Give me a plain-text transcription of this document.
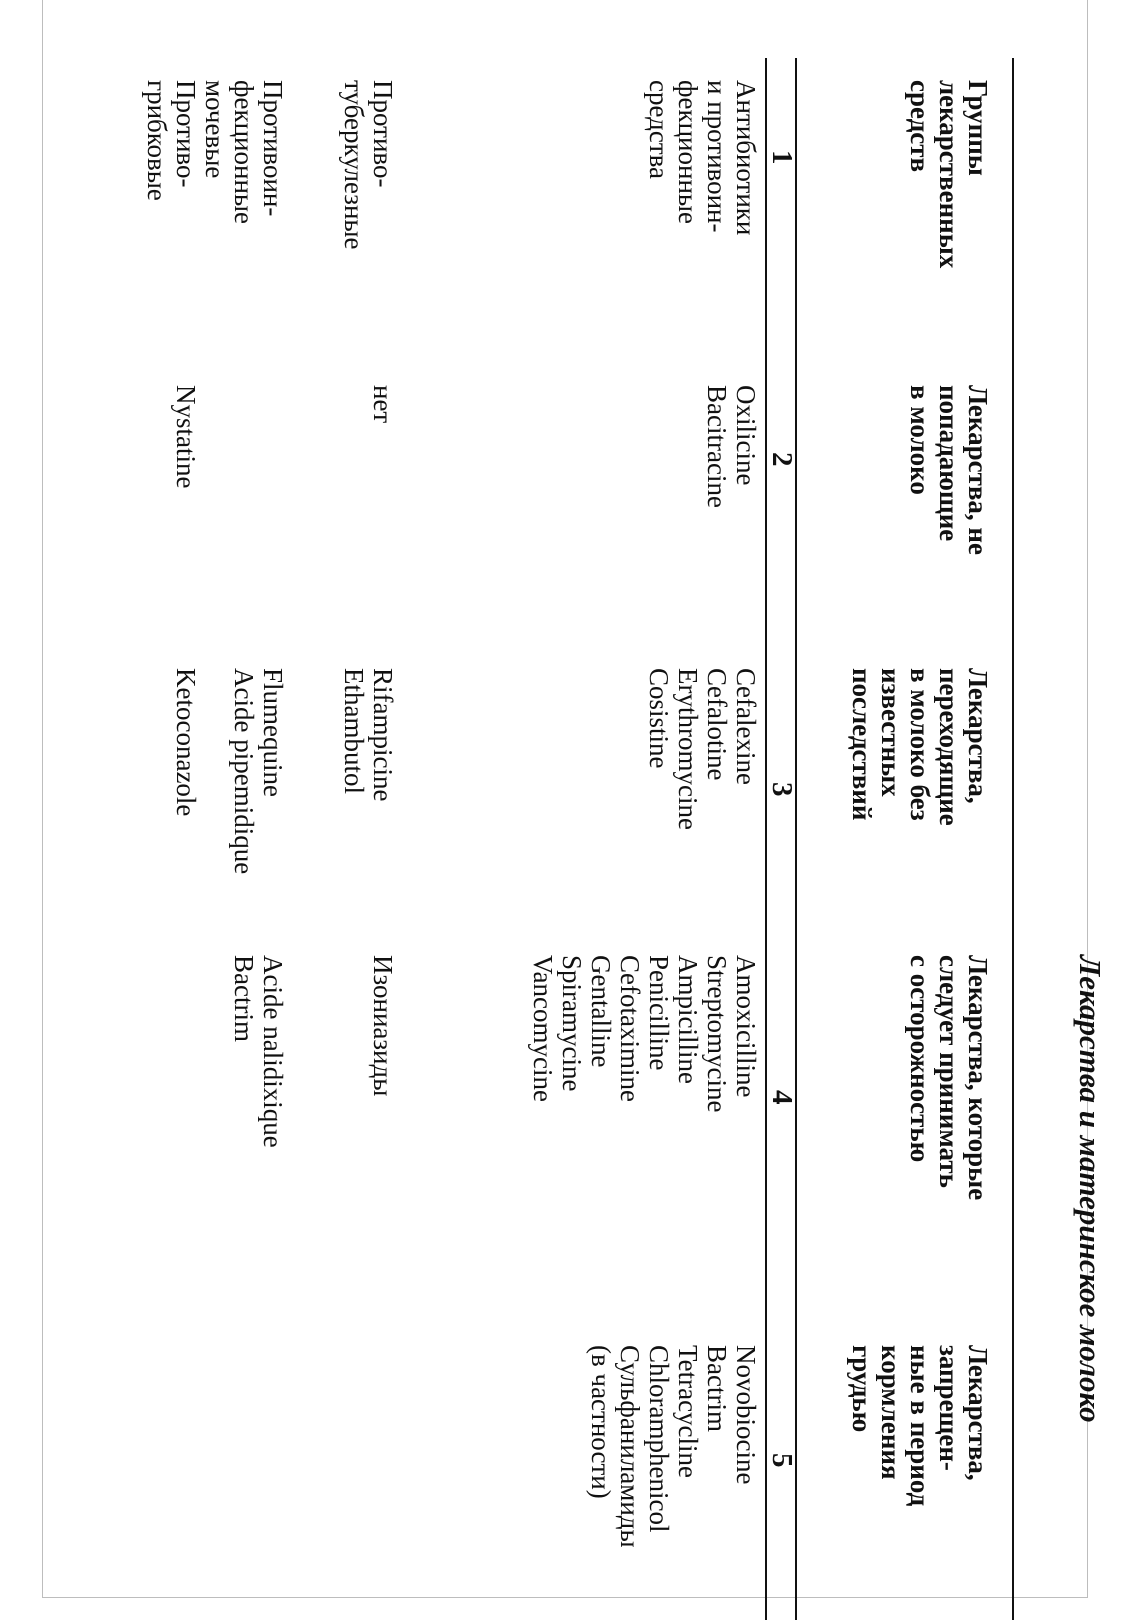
Лекарства и материнское молоко
Группы
лекарственных
средств
Лекарства, не
попадающие
в молоко
Лекарства,
переходящие
в молоко без
известных
последствий
Лекарства, которые
следует принимать
с осторожностью
Лекарства,
запрещен-
ные в период
кормления
грудью
1
2
3
4
5
Антибиотики
и противоин-
фекционные
средства
Oxilicine
Bacitracine
Cefalexine
Cefalotine
Erythromycine
Cosistine
Amoxicilline
Streptomycine
Ampicilline
Penicilline
Cefotaximine
Gentalline
Spiramycine
Vancomycine
Novobiocine
Bactrim
Tetracycline
Chloramphenicol
Сульфаниламиды
(в частности)
Противо-
туберкулезные
нет
Rifampicine
Ethambutol
Изониазиды
Противоин-
фекционные
мочевые
Flumequine
Acide pipemidique
Acide nalidixique
Bactrim
Противо-
грибковые
Nystatine
Ketoconazole
